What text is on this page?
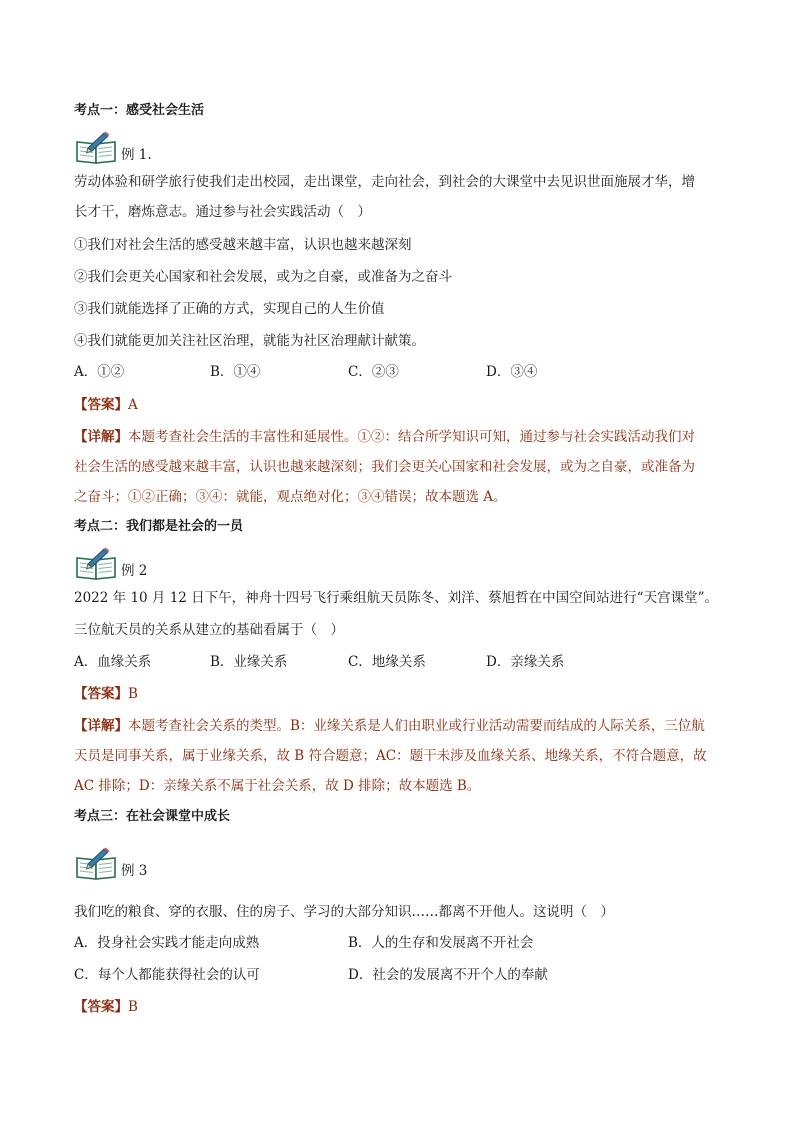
考点一：感受社会生活
例 1.
劳动体验和研学旅行使我们走出校园，走出课堂，走向社会，到社会的大课堂中去见识世面施展才华，增
长才干，磨炼意志。通过参与社会实践活动（　）
①我们对社会生活的感受越来越丰富，认识也越来越深刻
②我们会更关心国家和社会发展，或为之自豪，或准备为之奋斗
③我们就能选择了正确的方式，实现自己的人生价值
④我们就能更加关注社区治理，就能为社区治理献计献策。
A．①②	B．①④	C．②③	D．③④
【答案】A
【详解】本题考查社会生活的丰富性和延展性。①②：结合所学知识可知，通过参与社会实践活动我们对
社会生活的感受越来越丰富，认识也越来越深刻；我们会更关心国家和社会发展，或为之自豪，或准备为
之奋斗；①②正确；③④：就能，观点绝对化；③④错误；故本题选 A。
考点二：我们都是社会的一员
例 2
2022 年 10 月 12 日下午，神舟十四号飞行乘组航天员陈冬、刘洋、蔡旭哲在中国空间站进行“天宫课堂”。
三位航天员的关系从建立的基础看属于（　）
A．血缘关系	B．业缘关系	C．地缘关系	D．亲缘关系
【答案】B
【详解】本题考查社会关系的类型。B：业缘关系是人们由职业或行业活动需要而结成的人际关系，三位航
天员是同事关系，属于业缘关系，故 B 符合题意；AC：题干未涉及血缘关系、地缘关系，不符合题意，故
AC 排除；D：亲缘关系不属于社会关系，故 D 排除；故本题选 B。
考点三：在社会课堂中成长
例 3
我们吃的粮食、穿的衣服、住的房子、学习的大部分知识……都离不开他人。这说明（　）
A．投身社会实践才能走向成熟	B．人的生存和发展离不开社会
C．每个人都能获得社会的认可	D．社会的发展离不开个人的奉献
【答案】B
